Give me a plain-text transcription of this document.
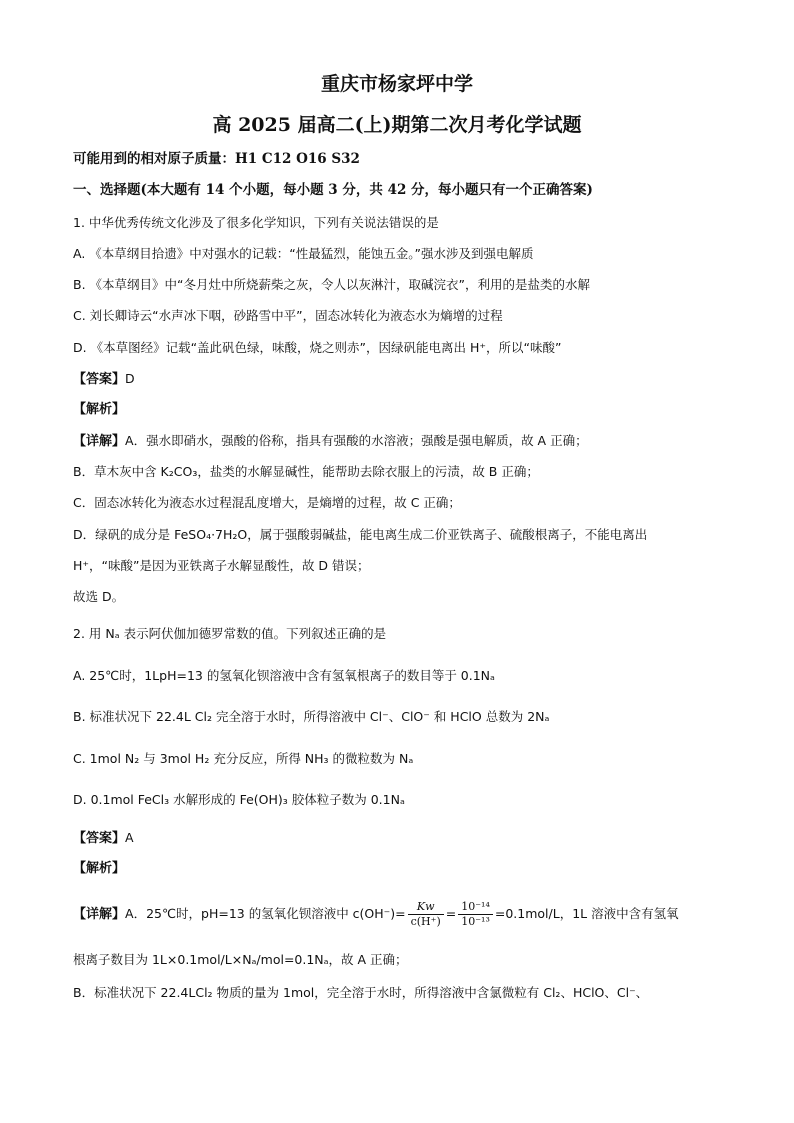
重庆市杨家坪中学
高 2025 届高二(上)期第二次月考化学试题
可能用到的相对原子质量：H1 C12 O16 S32
一、选择题(本大题有 14 个小题，每小题 3 分，共 42 分，每小题只有一个正确答案)
1. 中华优秀传统文化涉及了很多化学知识，下列有关说法错误的是
A. 《本草纲目拾遗》中对强水的记载：“性最猛烈，能蚀五金。”强水涉及到强电解质
B. 《本草纲目》中“冬月灶中所烧薪柴之灰，令人以灰淋汁，取碱浣衣”，利用的是盐类的水解
C. 刘长卿诗云“水声冰下咽，砂路雪中平”，固态冰转化为液态水为熵增的过程
D. 《本草图经》记载“盖此矾色绿，味酸，烧之则赤”，因绿矾能电离出 H⁺，所以“味酸”
【答案】D
【解析】
【详解】A．强水即硝水，强酸的俗称，指具有强酸的水溶液；强酸是强电解质，故 A 正确；
B．草木灰中含 K₂CO₃，盐类的水解显碱性，能帮助去除衣服上的污渍，故 B 正确；
C．固态冰转化为液态水过程混乱度增大，是熵增的过程，故 C 正确；
D．绿矾的成分是 FeSO₄·7H₂O，属于强酸弱碱盐，能电离生成二价亚铁离子、硫酸根离子，不能电离出
H⁺，“味酸”是因为亚铁离子水解显酸性，故 D 错误；
故选 D。
2. 用 Nₐ 表示阿伏伽加德罗常数的值。下列叙述正确的是
A. 25℃时，1LpH=13 的氢氧化钡溶液中含有氢氧根离子的数目等于 0.1Nₐ
B. 标准状况下 22.4L Cl₂ 完全溶于水时，所得溶液中 Cl⁻、ClO⁻ 和 HClO 总数为 2Nₐ
C. 1mol N₂ 与 3mol H₂ 充分反应，所得 NH₃ 的微粒数为 Nₐ
D. 0.1mol FeCl₃ 水解形成的 Fe(OH)₃ 胶体粒子数为 0.1Nₐ
【答案】A
【解析】
【详解】A．25℃时，pH=13 的氢氧化钡溶液中 $c(OH^-)= \frac{Kw}{c(H^+)} = \frac{\text{10⁻¹⁴}}{\text{10⁻¹³}} =0.1mol/L$，1L 溶液中含有氢氧
根离子数目为 1L×0.1mol/L×Nₐ/mol=0.1Nₐ，故 A 正确；
B．标准状况下 22.4LCl₂ 物质的量为 1mol，完全溶于水时，所得溶液中含氯微粒有 Cl₂、HClO、Cl⁻、
